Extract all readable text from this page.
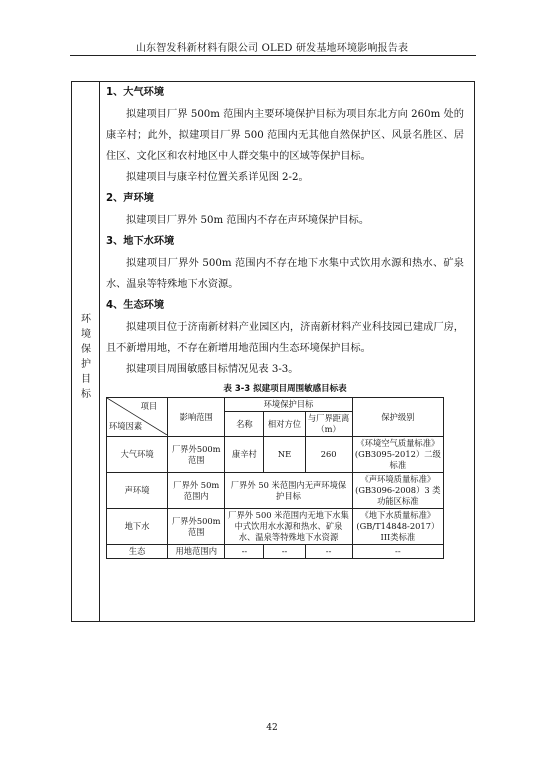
山东智发科新材料有限公司 OLED 研发基地环境影响报告表
环
境
保
护
目
标
1、大气环境
拟建项目厂界 500m 范围内主要环境保护目标为项目东北方向 260m 处的康辛村；此外，拟建项目厂界 500 范围内无其他自然保护区、风景名胜区、居住区、文化区和农村地区中人群交集中的区域等保护目标。
拟建项目与康辛村位置关系详见图 2-2。
2、声环境
拟建项目厂界外 50m 范围内不存在声环境保护目标。
3、地下水环境
拟建项目厂界外 500m 范围内不存在地下水集中式饮用水源和热水、矿泉水、温泉等特殊地下水资源。
4、生态环境
拟建项目位于济南新材料产业园区内，济南新材料产业科技园已建成厂房，且不新增用地，不存在新增用地范围内生态环境保护目标。
拟建项目周围敏感目标情况见表 3-3。
表 3-3 拟建项目周围敏感目标表
项目
环境因素	影响范围	环境保护目标			保护级别
		名称	相对方位	与厂界距离（m）	
大气环境	厂界外500m 范围	康辛村	NE	260	《环境空气质量标准》(GB3095-2012）二级标准
声环境	厂界外 50m 范围内	厂界外 50 米范围内无声环境保护目标			《声环境质量标准》(GB3096-2008）3 类功能区标准
地下水	厂界外500m 范围	厂界外 500 米范围内无地下水集中式饮用水水源和热水、矿泉水、温泉等特殊地下水资源			《地下水质量标准》(GB/T14848-2017）III类标准
生态	用地范围内	--	--	--	--
42
